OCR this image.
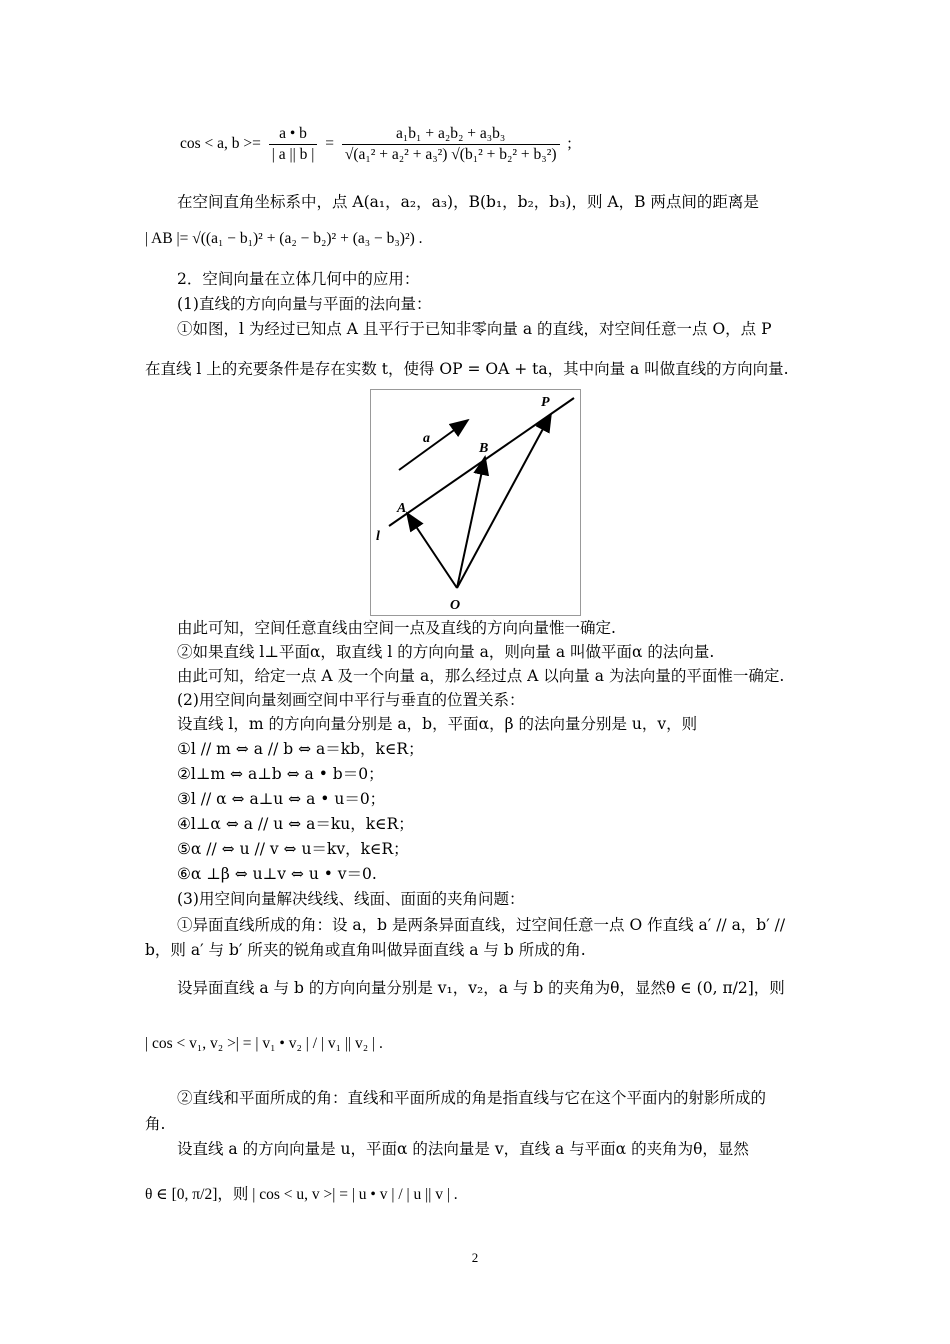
cos < a, $b >= \frac{a • b}{| a || b |} = \frac{\text{a₁b₁ + a₂b₂ + a₃b₃}}{\text{√(a₁² + a₂² + a₃²) √(b₁² + b₂² + b₃²)}}$ ;
在空间直角坐标系中，点 A(a₁，a₂，a₃)，B(b₁，b₂，b₃)，则 A，B 两点间的距离是
| AB |= √((a₁ − b₁)² + (a₂ − b₂)² + (a₃ − b₃)²) .
2．空间向量在立体几何中的应用：
(1)直线的方向向量与平面的法向量：
①如图，l 为经过已知点 A 且平行于已知非零向量 a 的直线，对空间任意一点 O，点 P
在直线 l 上的充要条件是存在实数 t，使得 OP = OA + ta，其中向量 a 叫做直线的方向向量.
a
P
B
A
l
O
由此可知，空间任意直线由空间一点及直线的方向向量惟一确定.
②如果直线 l⊥平面α，取直线 l 的方向向量 a，则向量 a 叫做平面α 的法向量.
由此可知，给定一点 A 及一个向量 a，那么经过点 A 以向量 a 为法向量的平面惟一确定.
(2)用空间向量刻画空间中平行与垂直的位置关系：
设直线 l，m 的方向向量分别是 a，b，平面α，β 的法向量分别是 u，v，则
①l // m ⇔ a // b ⇔ a＝kb，k∈R；
②l⊥m ⇔ a⊥b ⇔ a • b＝0；
③l // α ⇔ a⊥u ⇔ a • u＝0；
④l⊥α ⇔ a // u ⇔ a＝ku，k∈R；
⑤α // ⇔ u // v ⇔ u＝kv，k∈R；
⑥α ⊥β ⇔ u⊥v ⇔ u • v＝0.
(3)用空间向量解决线线、线面、面面的夹角问题：
①异面直线所成的角：设 a，b 是两条异面直线，过空间任意一点 O 作直线 a′ // a，b′ //
b，则 a′ 与 b′ 所夹的锐角或直角叫做异面直线 a 与 b 所成的角.
设异面直线 a 与 b 的方向向量分别是 v₁，v₂，a 与 b 的夹角为θ，显然θ ∈ (0, π/2]，则
| cos < v₁, v₂ >| = | v₁ • v₂ | / | v₁ || v₂ | .
②直线和平面所成的角：直线和平面所成的角是指直线与它在这个平面内的射影所成的
角.
设直线 a 的方向向量是 u，平面α 的法向量是 v，直线 a 与平面α 的夹角为θ，显然
θ ∈ [0, π/2]，则 | cos < u, v >| = | u • v | / | u || v | .
2
